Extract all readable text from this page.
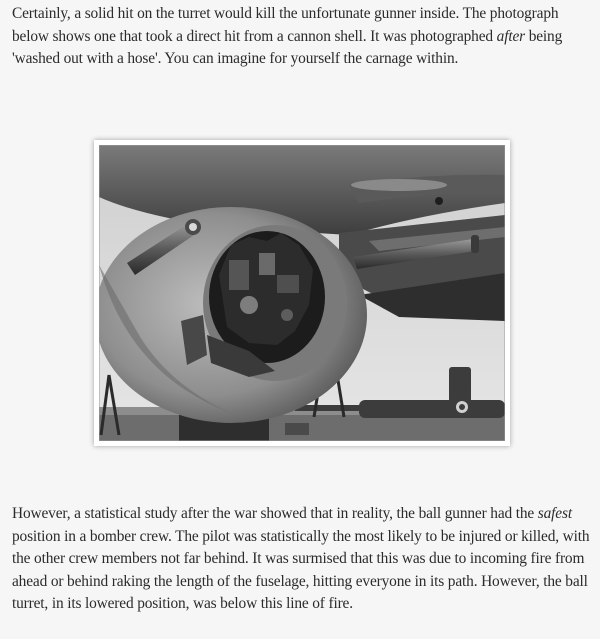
Certainly, a solid hit on the turret would kill the unfortunate gunner inside. The photograph below shows one that took a direct hit from a cannon shell. It was photographed after being 'washed out with a hose'. You can imagine for yourself the carnage within.

However, a statistical study after the war showed that in reality, the ball gunner had the safest position in a bomber crew. The pilot was statistically the most likely to be injured or killed, with the other crew members not far behind. It was surmised that this was due to incoming fire from ahead or behind raking the length of the fuselage, hitting everyone in its path. However, the ball turret, in its lowered position, was below this line of fire.
